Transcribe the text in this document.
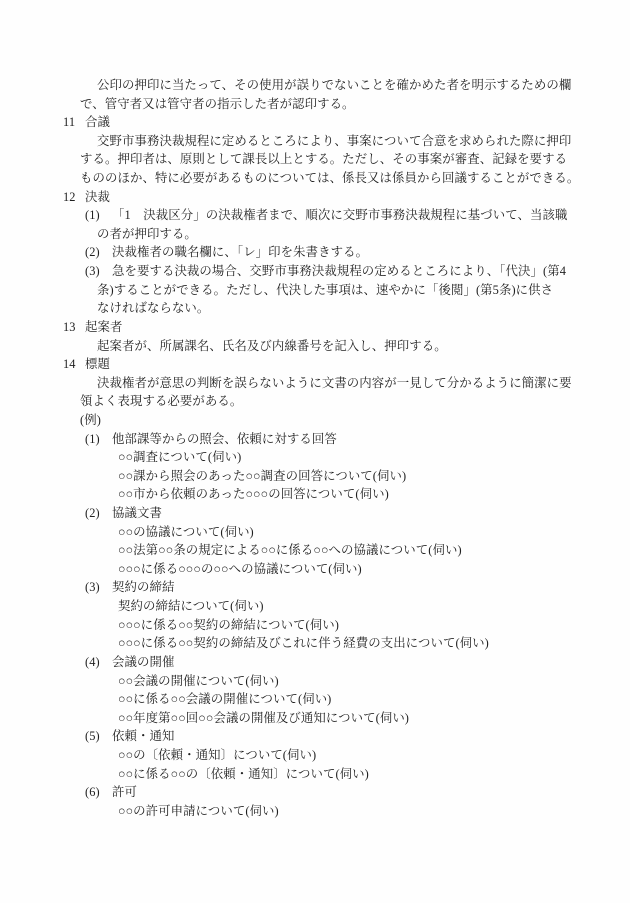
公印の押印に当たって、その使用が誤りでないことを確かめた者を明示するための欄
で、管守者又は管守者の指示した者が認印する。
11 合議
交野市事務決裁規程に定めるところにより、事案について合意を求められた際に押印
する。押印者は、原則として課長以上とする。ただし、その事案が審査、記録を要する
もののほか、特に必要があるものについては、係長又は係員から回議することができる。
12 決裁
(1) 「1　決裁区分」の決裁権者まで、順次に交野市事務決裁規程に基づいて、当該職
の者が押印する。
(2) 決裁権者の職名欄に、「レ」印を朱書きする。
(3) 急を要する決裁の場合、交野市事務決裁規程の定めるところにより、「代決」(第4
条)することができる。ただし、代決した事項は、速やかに「後閲」(第5条)に供さ
なければならない。
13 起案者
起案者が、所属課名、氏名及び内線番号を記入し、押印する。
14 標題
決裁権者が意思の判断を誤らないように文書の内容が一見して分かるように簡潔に要
領よく表現する必要がある。
(例)
(1) 他部課等からの照会、依頼に対する回答
○○調査について(伺い)
○○課から照会のあった○○調査の回答について(伺い)
○○市から依頼のあった○○○の回答について(伺い)
(2) 協議文書
○○の協議について(伺い)
○○法第○○条の規定による○○に係る○○への協議について(伺い)
○○○に係る○○○の○○への協議について(伺い)
(3) 契約の締結
契約の締結について(伺い)
○○○に係る○○契約の締結について(伺い)
○○○に係る○○契約の締結及びこれに伴う経費の支出について(伺い)
(4) 会議の開催
○○会議の開催について(伺い)
○○に係る○○会議の開催について(伺い)
○○年度第○○回○○会議の開催及び通知について(伺い)
(5) 依頼・通知
○○の〔依頼・通知〕について(伺い)
○○に係る○○の〔依頼・通知〕について(伺い)
(6) 許可
○○の許可申請について(伺い)
